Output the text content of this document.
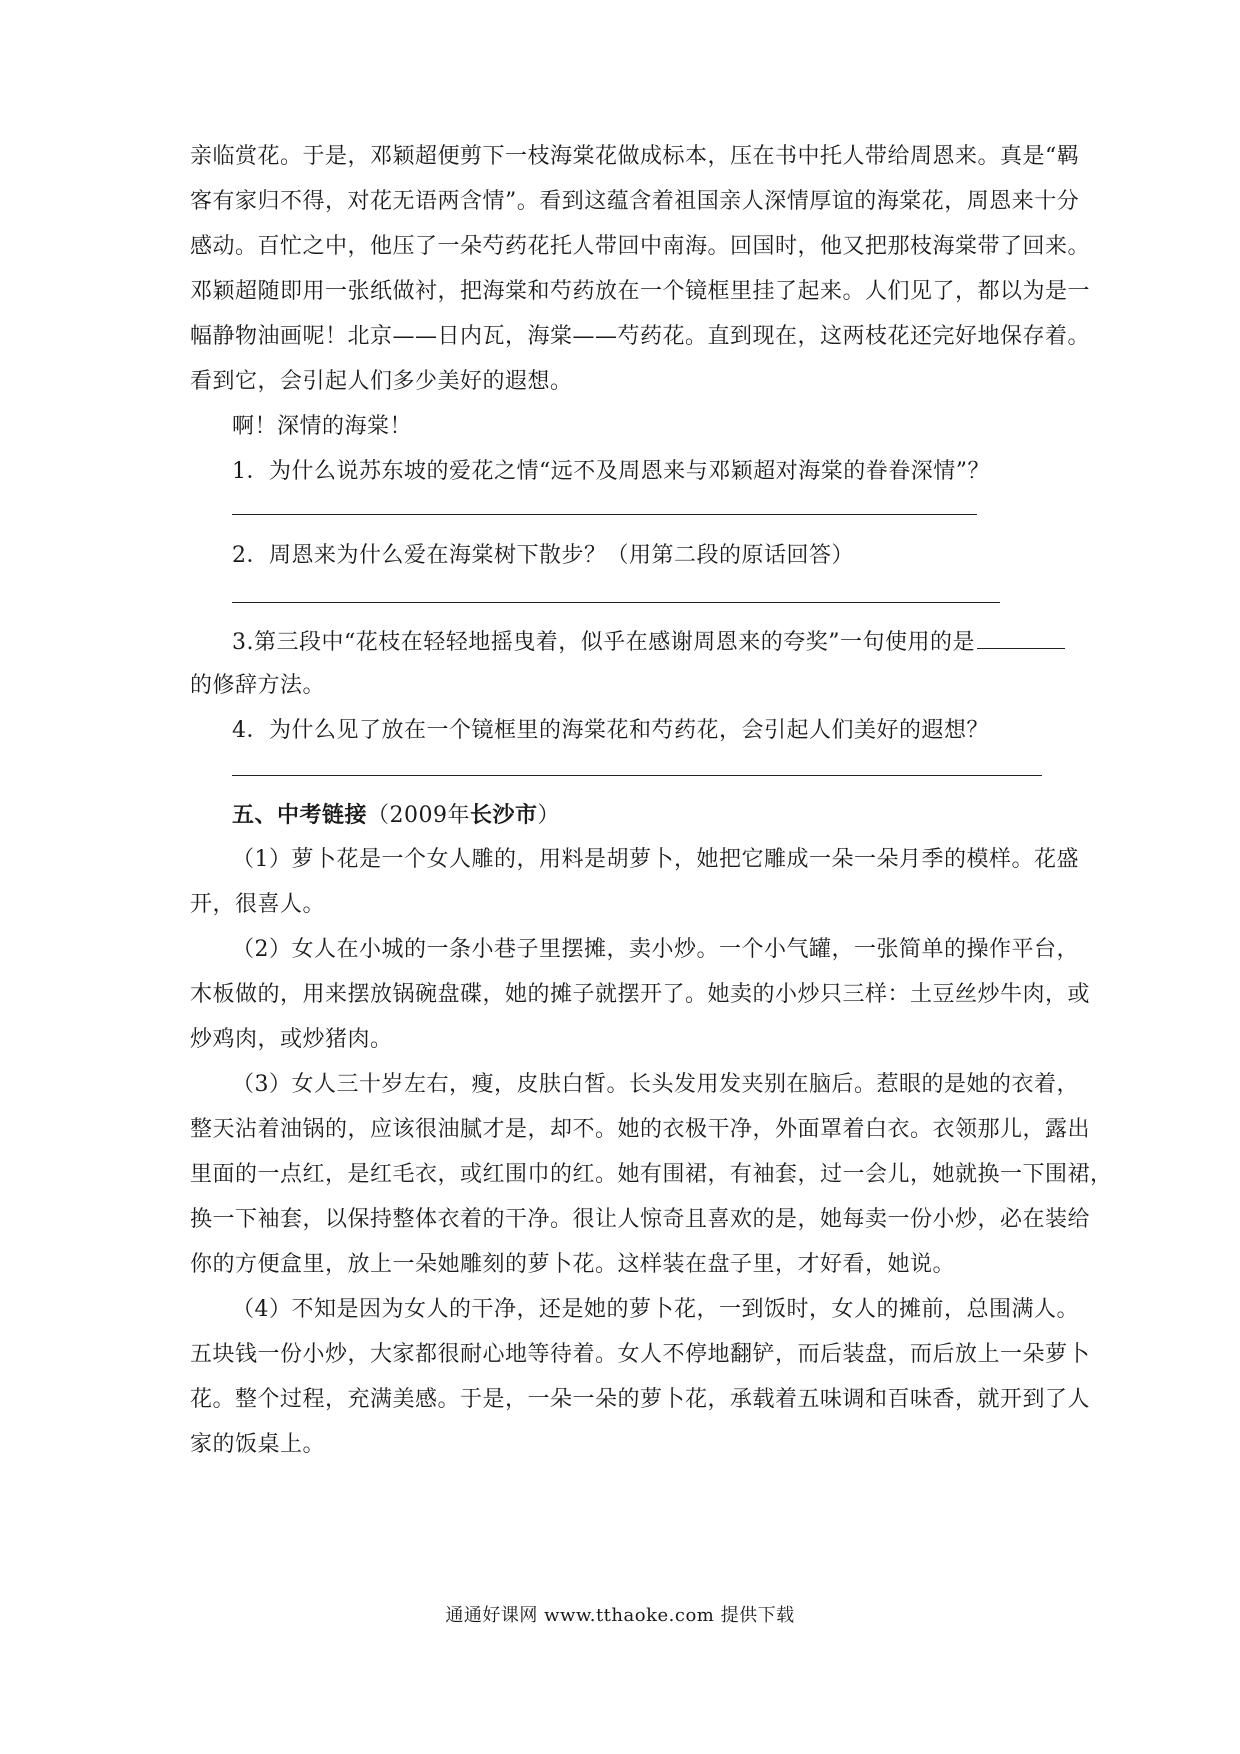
亲临赏花。于是，邓颖超便剪下一枝海棠花做成标本，压在书中托人带给周恩来。真是“羁
客有家归不得，对花无语两含情”。看到这蕴含着祖国亲人深情厚谊的海棠花，周恩来十分
感动。百忙之中，他压了一朵芍药花托人带回中南海。回国时，他又把那枝海棠带了回来。
邓颖超随即用一张纸做衬，把海棠和芍药放在一个镜框里挂了起来。人们见了，都以为是一
幅静物油画呢！北京——日内瓦，海棠——芍药花。直到现在，这两枝花还完好地保存着。
看到它，会引起人们多少美好的遐想。
啊！深情的海棠！
1．为什么说苏东坡的爱花之情“远不及周恩来与邓颖超对海棠的眷眷深情”？
2．周恩来为什么爱在海棠树下散步？（用第二段的原话回答）
3.第三段中“花枝在轻轻地摇曳着，似乎在感谢周恩来的夸奖”一句使用的是
的修辞方法。
4．为什么见了放在一个镜框里的海棠花和芍药花，会引起人们美好的遐想？
五、中考链接（2009年长沙市）
（1）萝卜花是一个女人雕的，用料是胡萝卜，她把它雕成一朵一朵月季的模样。花盛
开，很喜人。
（2）女人在小城的一条小巷子里摆摊，卖小炒。一个小气罐，一张简单的操作平台，
木板做的，用来摆放锅碗盘碟，她的摊子就摆开了。她卖的小炒只三样：土豆丝炒牛肉，或
炒鸡肉，或炒猪肉。
（3）女人三十岁左右，瘦，皮肤白皙。长头发用发夹别在脑后。惹眼的是她的衣着，
整天沾着油锅的，应该很油腻才是，却不。她的衣极干净，外面罩着白衣。衣领那儿，露出
里面的一点红，是红毛衣，或红围巾的红。她有围裙，有袖套，过一会儿，她就换一下围裙，
换一下袖套，以保持整体衣着的干净。很让人惊奇且喜欢的是，她每卖一份小炒，必在装给
你的方便盒里，放上一朵她雕刻的萝卜花。这样装在盘子里，才好看，她说。
（4）不知是因为女人的干净，还是她的萝卜花，一到饭时，女人的摊前，总围满人。
五块钱一份小炒，大家都很耐心地等待着。女人不停地翻铲，而后装盘，而后放上一朵萝卜
花。整个过程，充满美感。于是，一朵一朵的萝卜花，承载着五味调和百味香，就开到了人
家的饭桌上。
通通好课网 www.tthaoke.com 提供下载
